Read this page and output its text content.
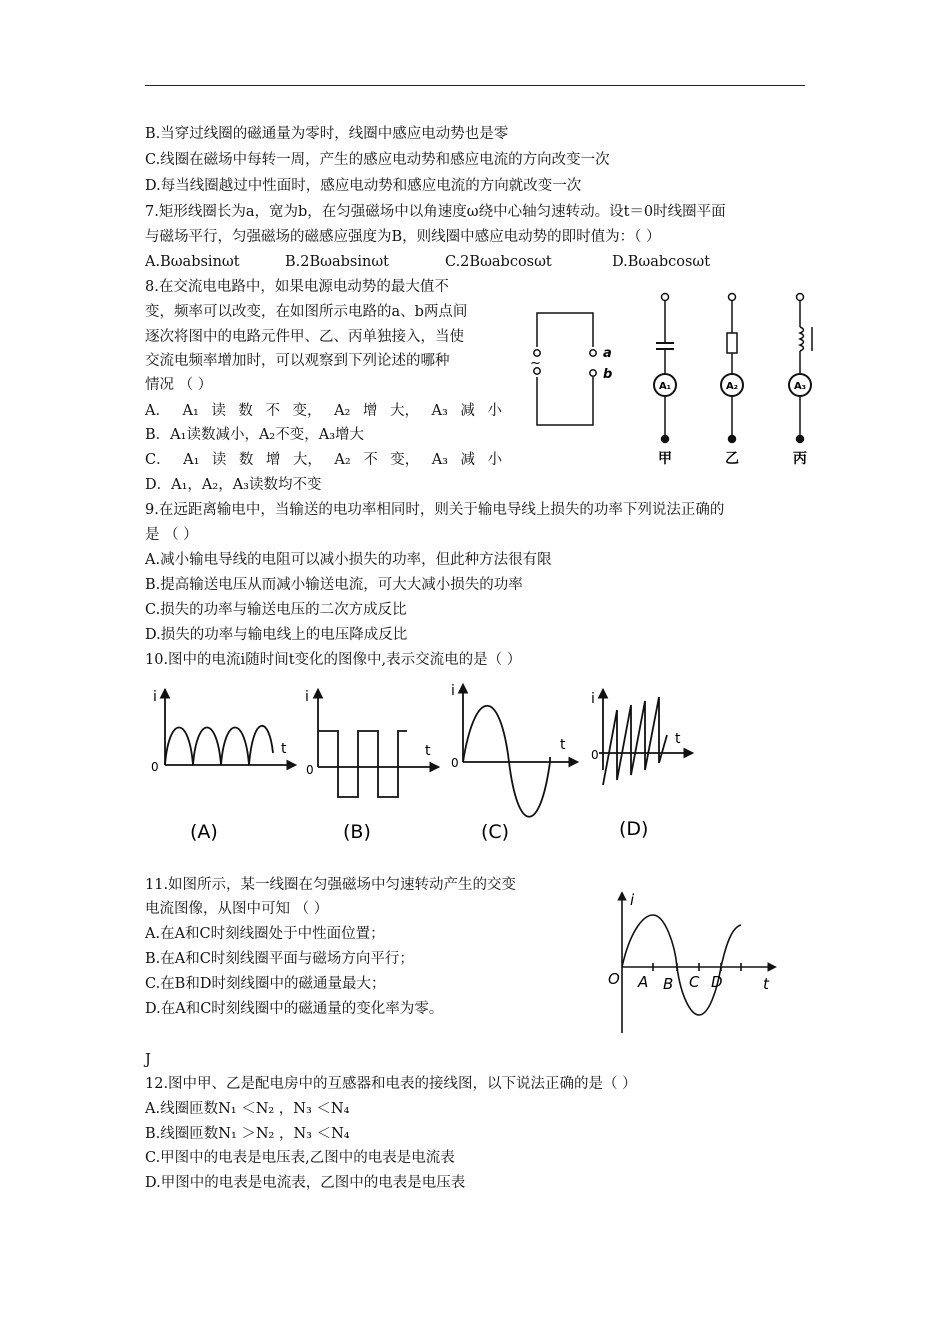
B.当穿过线圈的磁通量为零时，线圈中感应电动势也是零
C.线圈在磁场中每转一周，产生的感应电动势和感应电流的方向改变一次
D.每当线圈越过中性面时，感应电动势和感应电流的方向就改变一次
7.矩形线圈长为a，宽为b，在匀强磁场中以角速度ω绕中心轴匀速转动。设t＝0时线圈平面
与磁场平行，匀强磁场的磁感应强度为B，则线圈中感应电动势的即时值为：（ ）
A.Bωabsinωt	B.2Bωabsinωt	C.2Bωabcosωt	D.Bωabcosωt
8.在交流电电路中，如果电源电动势的最大值不
变，频率可以改变，在如图所示电路的a、b两点间
逐次将图中的电路元件甲、乙、丙单独接入，当使
交流电频率增加时，可以观察到下列论述的哪种
情况 （ ）
A． A₁ 读 数 不 变， A₂ 增 大， A₃ 减 小
B．A₁读数减小，A₂不变，A₃增大
C． A₁ 读 数 增 大， A₂ 不 变， A₃ 减 小
D．A₁，A₂，A₃读数均不变
~
a
b
A₁	A₂	A₃
甲	乙	丙
9.在远距离输电中，当输送的电功率相同时，则关于输电导线上损失的功率下列说法正确的
是 （ ）
A.减小输电导线的电阻可以减小损失的功率，但此种方法很有限
B.提高输送电压从而减小输送电流，可大大减小损失的功率
C.损失的功率与输送电压的二次方成反比
D.损失的功率与输电线上的电压降成反比
10.图中的电流i随时间t变化的图像中,表示交流电的是（ ）
i
t
0
i
t
0
i
t
0
i
t
0
(A)	(B)	(C)	(D)
11.如图所示，某一线圈在匀强磁场中匀速转动产生的交变
电流图像，从图中可知 （ ）
A.在A和C时刻线圈处于中性面位置；
B.在A和C时刻线圈平面与磁场方向平行；
C.在B和D时刻线圈中的磁通量最大；
D.在A和C时刻线圈中的磁通量的变化率为零。
i
t
O A B C D
J
12.图中甲、乙是配电房中的互感器和电表的接线图，以下说法正确的是（ ）
A.线圈匝数N₁ ＜N₂ ，N₃ ＜N₄
B.线圈匝数N₁ ＞N₂ ，N₃ ＜N₄
C.甲图中的电表是电压表,乙图中的电表是电流表
D.甲图中的电表是电流表，乙图中的电表是电压表
